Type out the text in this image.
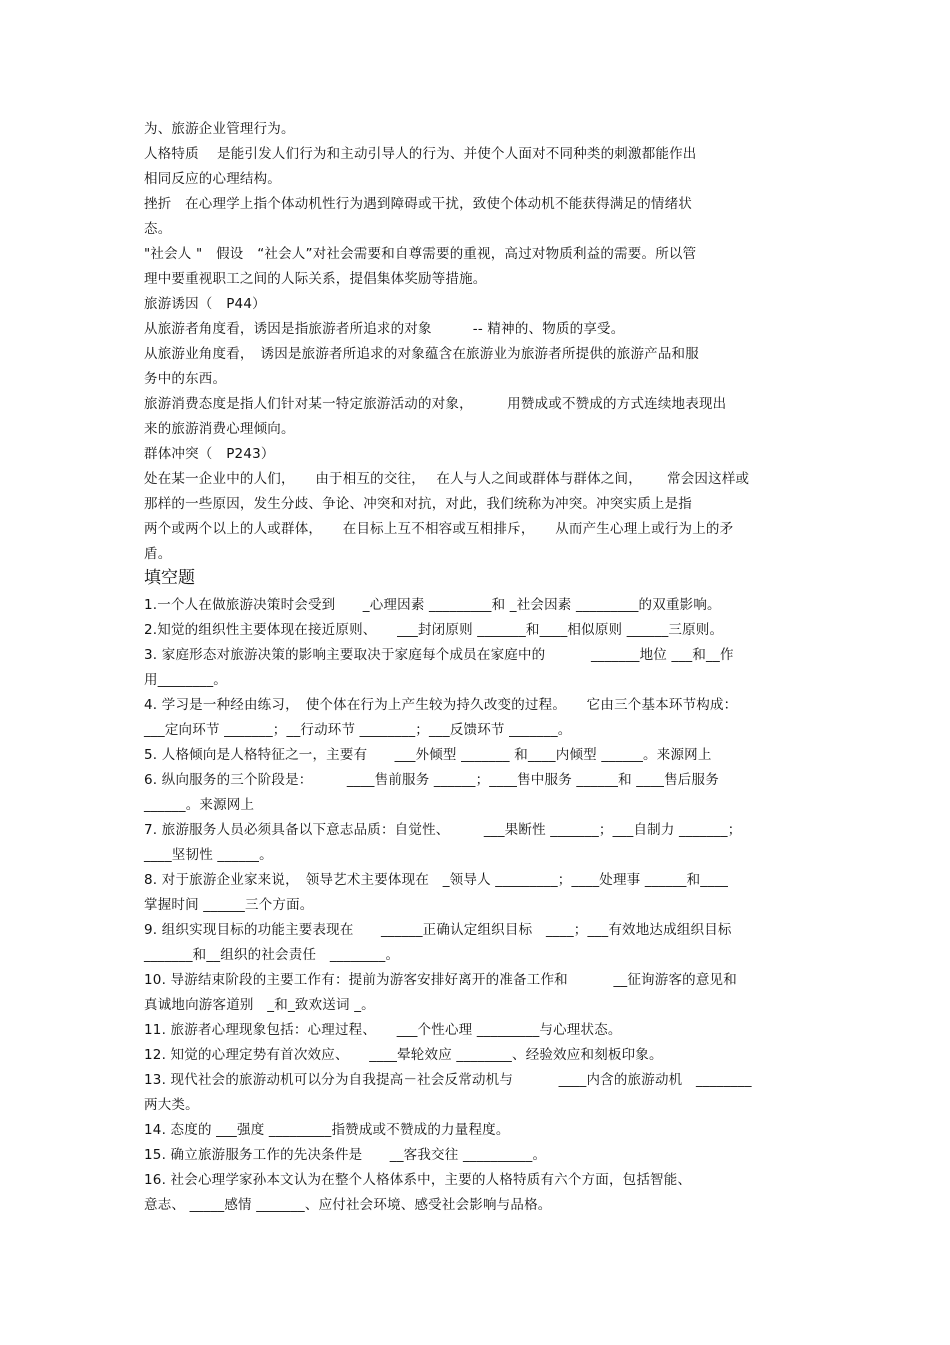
为、旅游企业管理行为。

人格特质　 是能引发人们行为和主动引导人的行为、并使个人面对不同种类的刺激都能作出

相同反应的心理结构。

挫折　在心理学上指个体动机性行为遇到障碍或干扰，致使个体动机不能获得满足的情绪状

态。

"社会人 "　假设　“社会人”对社会需要和自尊需要的重视，高过对物质利益的需要。所以管

理中要重视职工之间的人际关系，提倡集体奖励等措施。

旅游诱因（　P44）

从旅游者角度看，诱因是指旅游者所追求的对象　　　-- 精神的、物质的享受。

从旅游业角度看，　诱因是旅游者所追求的对象蕴含在旅游业为旅游者所提供的旅游产品和服

务中的东西。

旅游消费态度是指人们针对某一特定旅游活动的对象，　　　用赞成或不赞成的方式连续地表现出

来的旅游消费心理倾向。

群体冲突（　P243）

处在某一企业中的人们，　　由于相互的交往，　 在人与人之间或群体与群体之间，　　 常会因这样或

那样的一些原因，发生分歧、争论、冲突和对抗，对此，我们统称为冲突。冲突实质上是指

两个或两个以上的人或群体，　　在目标上互不相容或互相排斥，　　从而产生心理上或行为上的矛

盾。

填空题

1.一个人在做旅游决策时会受到　　_心理因素 _________和 _社会因素 _________的双重影响。

2.知觉的组织性主要体现在接近原则、　　___封闭原则 _______和____相似原则 ______三原则。

3. 家庭形态对旅游决策的影响主要取决于家庭每个成员在家庭中的　　　 _______地位 ___和__作

用________。

4. 学习是一种经由练习，　使个体在行为上产生较为持久改变的过程。　　它由三个基本环节构成：

___定向环节 _______；__行动环节 ________；___反馈环节 _______。

5. 人格倾向是人格特征之一，主要有　　___外倾型 _______ 和____内倾型 ______。来源网上

6. 纵向服务的三个阶段是：　　　____售前服务 ______；____售中服务 ______和 ____售后服务

______。来源网上

7. 旅游服务人员必须具备以下意志品质：自觉性、　　　___果断性 _______；___自制力 _______；

____坚韧性 ______。

8. 对于旅游企业家来说，　领导艺术主要体现在　_领导人 _________；____处理事 ______和____

掌握时间 ______三个方面。

9. 组织实现目标的功能主要表现在　　______正确认定组织目标　____；___有效地达成组织目标

_______和__组织的社会责任　________。

10. 导游结束阶段的主要工作有：提前为游客安排好离开的准备工作和　　　 __征询游客的意见和

真诚地向游客道别　_和_致欢送词 _。

11. 旅游者心理现象包括：心理过程、　　___个性心理 _________与心理状态。

12. 知觉的心理定势有首次效应、　　____晕轮效应 ________、经验效应和刻板印象。

13. 现代社会的旅游动机可以分为自我提高－社会反常动机与　　　 ____内含的旅游动机　________

两大类。

14. 态度的 ___强度 _________指赞成或不赞成的力量程度。

15. 确立旅游服务工作的先决条件是　　__客我交往 __________。

16. 社会心理学家孙本文认为在整个人格体系中，主要的人格特质有六个方面，包括智能、

意志、 _____感情 _______、应付社会环境、感受社会影响与品格。
